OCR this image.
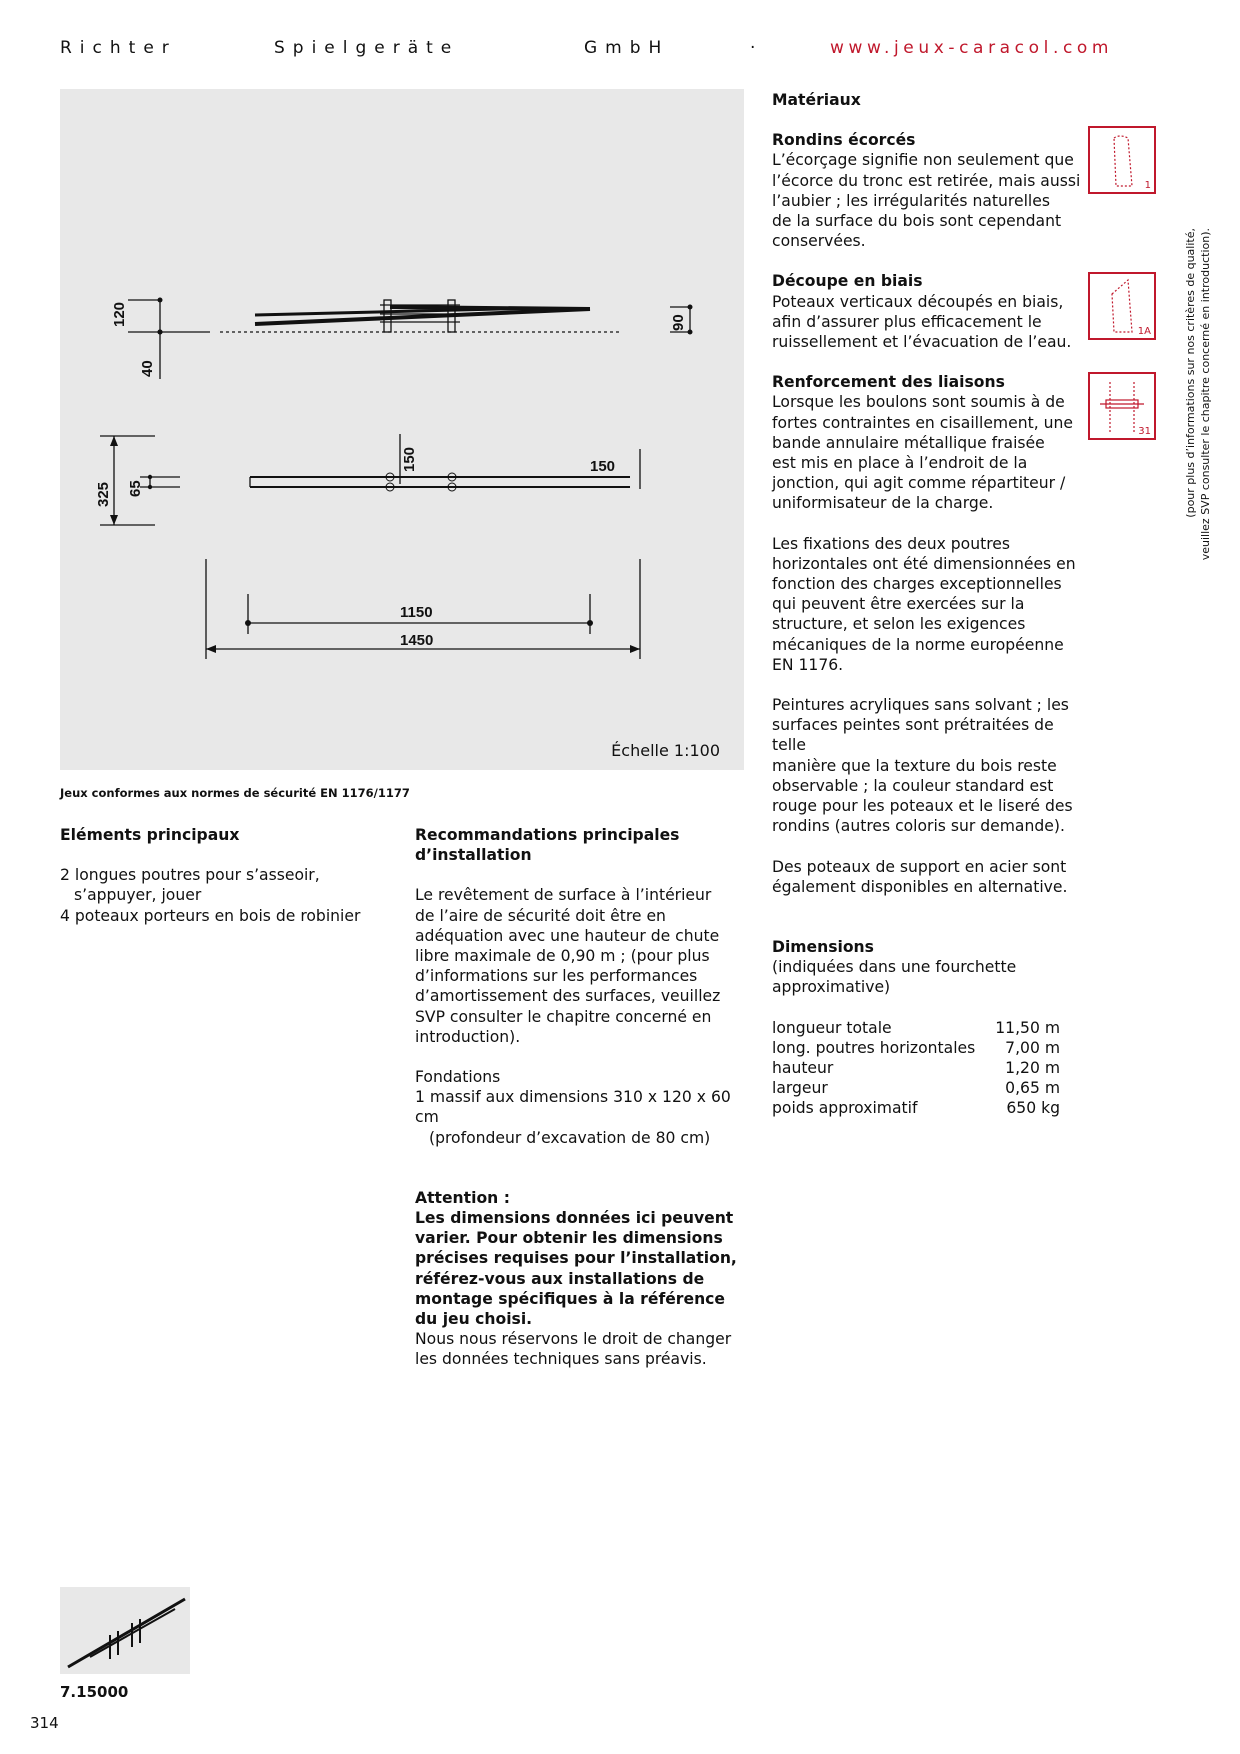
Richter	Spielgeräte	GmbH	·	www.jeux-caracol.com
120
40
90
325 65
150	150
1150
1450
Échelle 1:100
Jeux conformes aux normes de sécurité EN 1176/1177

Eléments principaux

2 longues poutres pour s’asseoir,

s’appuyer, jouer

4 poteaux porteurs en bois de robinier

Recommandations principales

d’installation

Le revêtement de surface à l’intérieur

de l’aire de sécurité doit être en

adéquation avec une hauteur de chute

libre maximale de 0,90 m ; (pour plus

d’informations sur les performances

d’amortissement des surfaces, veuillez

SVP consulter le chapitre concerné en

introduction).

Fondations

1 massif aux dimensions 310 x 120 x 60 cm

(profondeur d’excavation de 80 cm)

Attention :

Les dimensions données ici peuvent

varier. Pour obtenir les dimensions

précises requises pour l’installation,

référez-vous aux installations de

montage spécifiques à la référence

du jeu choisi.

Nous nous réservons le droit de changer

les données techniques sans préavis.

Matériaux

Rondins écorcés

L’écorçage signifie non seulement que

l’écorce du tronc est retirée, mais aussi

l’aubier ; les irrégularités naturelles

de la surface du bois sont cependant

conservées.

Découpe en biais

Poteaux verticaux découpés en biais,

afin d’assurer plus efficacement le

ruissellement et l’évacuation de l’eau.

Renforcement des liaisons

Lorsque les boulons sont soumis à de

fortes contraintes en cisaillement, une

bande annulaire métallique fraisée

est mis en place à l’endroit de la

jonction, qui agit comme répartiteur /

uniformisateur de la charge.

Les fixations des deux poutres

horizontales ont été dimensionnées en

fonction des charges exceptionnelles

qui peuvent être exercées sur la

structure, et selon les exigences

mécaniques de la norme européenne

EN 1176.

Peintures acryliques sans solvant ; les

surfaces peintes sont prétraitées de telle

manière que la texture du bois reste

observable ; la couleur standard est

rouge pour les poteaux et le liseré des

rondins (autres coloris sur demande).

Des poteaux de support en acier sont

également disponibles en alternative.

Dimensions

(indiquées dans une fourchette

approximative)

longueur totale	11,50 m
long. poutres horizontales	7,00 m
hauteur	1,20 m
largeur	0,65 m
poids approximatif	650 kg
1
1A
31	(pour plus d’informations sur nos critères de qualité, veuillez SVP consulter le chapitre concerné en introduction).
7.15000
314
